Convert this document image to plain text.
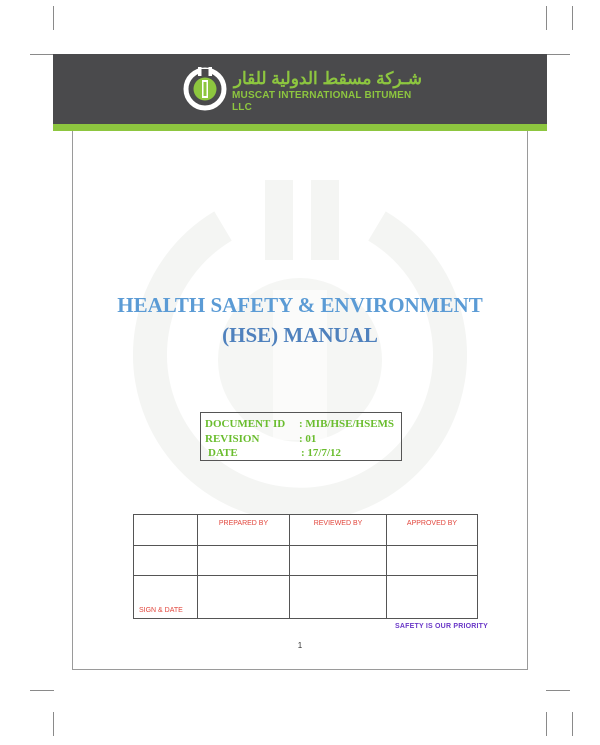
شـركة مسقط الدولية للقار
MUSCAT INTERNATIONAL BITUMEN LLC
HEALTH SAFETY & ENVIRONMENT
(HSE) MANUAL
DOCUMENT ID : MIB/HSE/HSEMS
REVISION	: 01
DATE	: 17/7/12
	PREPARED BY	REVIEWED BY	APPROVED BY

SIGN & DATE			
SAFETY IS OUR PRIORITY
1
